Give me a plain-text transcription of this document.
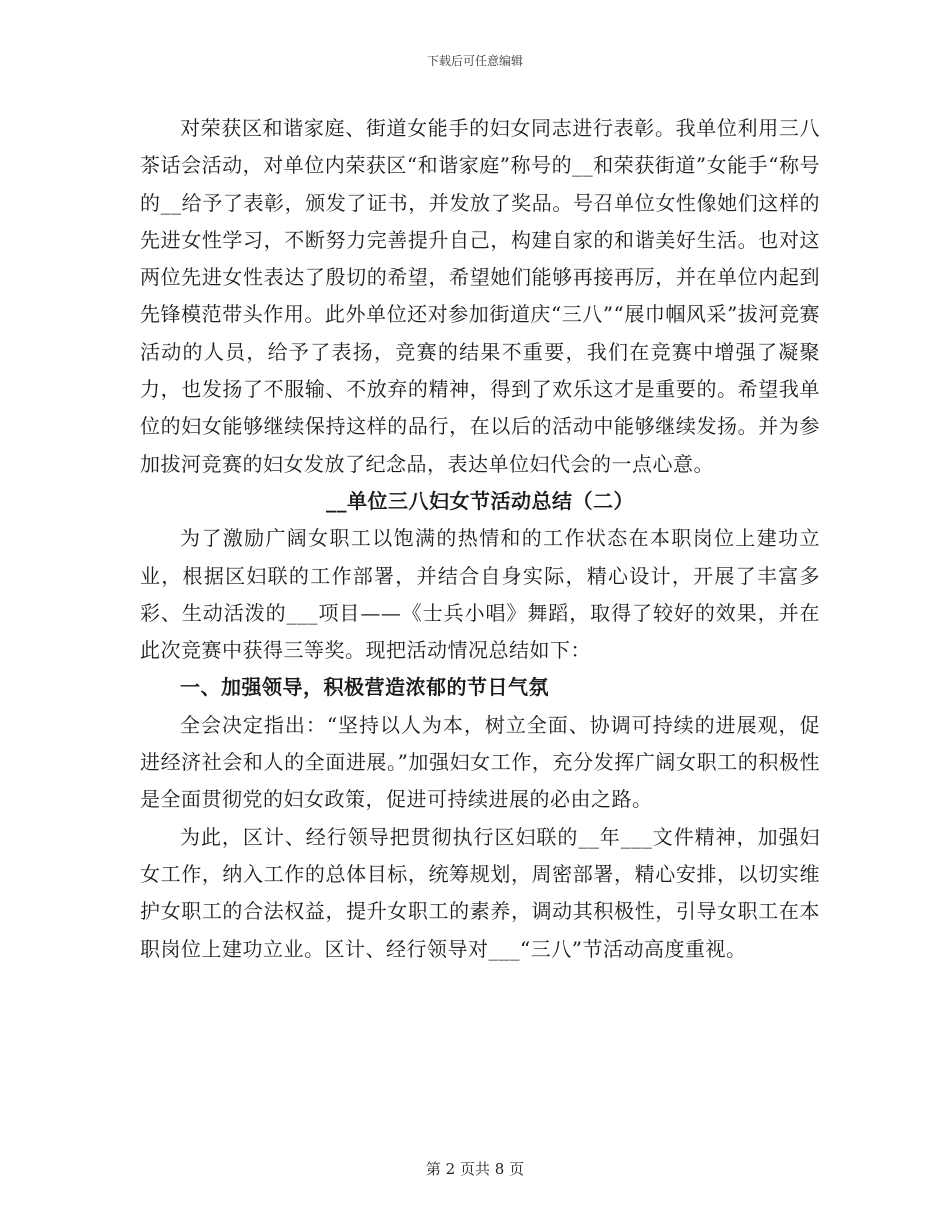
下载后可任意编辑

对荣获区和谐家庭、街道女能手的妇女同志进行表彰。我单位利用三八茶话会活动，对单位内荣获区“和谐家庭”称号的__和荣获街道”女能手“称号的__给予了表彰，颁发了证书，并发放了奖品。号召单位女性像她们这样的先进女性学习，不断努力完善提升自己，构建自家的和谐美好生活。也对这两位先进女性表达了殷切的希望，希望她们能够再接再厉，并在单位内起到先锋模范带头作用。此外单位还对参加街道庆“三八”“展巾帼风采”拔河竞赛活动的人员，给予了表扬，竞赛的结果不重要，我们在竞赛中增强了凝聚力，也发扬了不服输、不放弃的精神，得到了欢乐这才是重要的。希望我单位的妇女能够继续保持这样的品行，在以后的活动中能够继续发扬。并为参加拔河竞赛的妇女发放了纪念品，表达单位妇代会的一点心意。

__单位三八妇女节活动总结（二）

为了激励广阔女职工以饱满的热情和的工作状态在本职岗位上建功立业，根据区妇联的工作部署，并结合自身实际，精心设计，开展了丰富多彩、生动活泼的___项目——《士兵小唱》舞蹈，取得了较好的效果，并在此次竞赛中获得三等奖。现把活动情况总结如下：

一、加强领导，积极营造浓郁的节日气氛

全会决定指出：“坚持以人为本，树立全面、协调可持续的进展观，促进经济社会和人的全面进展。”加强妇女工作，充分发挥广阔女职工的积极性是全面贯彻党的妇女政策，促进可持续进展的必由之路。

为此，区计、经行领导把贯彻执行区妇联的__年___文件精神，加强妇女工作，纳入工作的总体目标，统筹规划，周密部署，精心安排，以切实维护女职工的合法权益，提升女职工的素养，调动其积极性，引导女职工在本职岗位上建功立业。区计、经行领导对___“三八”节活动高度重视。

第 2 页共 8 页
